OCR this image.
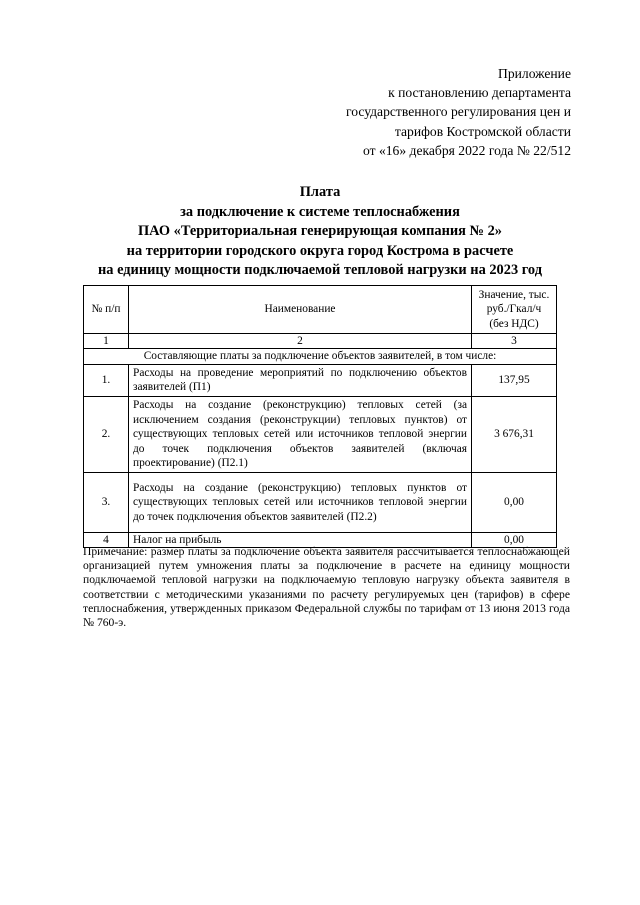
Приложение
к постановлению департамента
государственного регулирования цен и
тарифов Костромской области
от «16» декабря 2022 года № 22/512
Плата
за подключение к системе теплоснабжения
ПАО «Территориальная генерирующая компания № 2»
на территории городского округа город Кострома в расчете
на единицу мощности подключаемой тепловой нагрузки на 2023 год
№ п/п	Наименование	Значение, тыс. руб./Гкал/ч (без НДС)
1	2	3
Составляющие платы за подключение объектов заявителей, в том числе:		
1.	Расходы на проведение мероприятий по подключению объектов заявителей (П1)	137,95
2.	Расходы на создание (реконструкцию) тепловых сетей (за исключением создания (реконструкции) тепловых пунктов) от существующих тепловых сетей или источников тепловой энергии до точек подключения объектов заявителей (включая проектирование) (П2.1)	3 676,31
3.	Расходы на создание (реконструкцию) тепловых пунктов от существующих тепловых сетей или источников тепловой энергии до точек подключения объектов заявителей (П2.2)	0,00
4	Налог на прибыль	0,00
Примечание: размер платы за подключение объекта заявителя рассчитывается теплоснабжающей организацией путем умножения платы за подключение в расчете на единицу мощности подключаемой тепловой нагрузки на подключаемую тепловую нагрузку объекта заявителя в соответствии с методическими указаниями по расчету регулируемых цен (тарифов) в сфере теплоснабжения, утвержденных приказом Федеральной службы по тарифам от 13 июня 2013 года № 760-э.
